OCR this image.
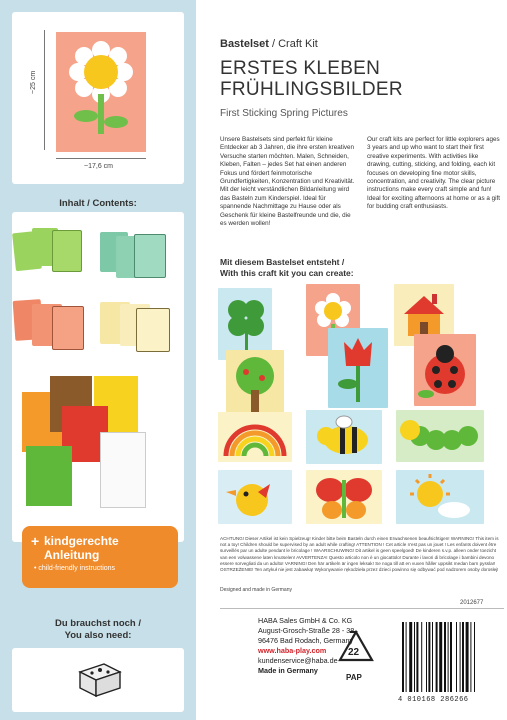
~25 cm
~17,6 cm
Inhalt / Contents:
+ kindgerechte
Anleitung
• child-friendly instructions
Du brauchst noch /
You also need:
Bastelset / Craft Kit
ERSTES KLEBEN
FRÜHLINGSBILDER
First Sticking Spring Pictures
Unsere Bastelsets sind perfekt für kleine Entdecker ab 3 Jahren, die ihre ersten kreativen Versuche starten möchten. Malen, Schneiden, Kleben, Falten – jedes Set hat einen anderen Fokus und fördert feinmotorische Grundfertigkeiten, Konzentration und Kreativität. Mit der leicht verständlichen Bildanleitung wird das Basteln zum Kinderspiel. Ideal für spannende Nachmittage zu Hause oder als Geschenk für kleine Bastelfreunde und die, die es werden wollen!
Our craft kits are perfect for little explorers ages 3 years and up who want to start their first creative experiments. With activities like drawing, cutting, sticking, and folding, each kit focuses on developing fine motor skills, concentration, and creativity. The clear picture instructions make every craft simple and fun! Ideal for exciting afternoons at home or as a gift for budding craft enthusiasts.
Mit diesem Bastelset entsteht /
With this craft kit you can create:
ACHTUNG! Dieser Artikel ist kein Spielzeug! Kinder bitte beim Basteln durch einen Erwachsenen beaufsichtigen! WARNING! This item is not a toy! Children should be supervised by an adult while crafting! ATTENTION ! Cet article n'est pas un jouet ! Les enfants doivent être surveillés par un adulte pendant le bricolage ! WAARSCHUWING! Dit artikel is geen speelgoed! De kinderen s.v.p. alleen onder toezicht van een volwassene laten knutselen! AVVERTENZA! Questo articolo non è un giocattolo! Durante i lavori di bricolage i bambini devono essere sorvegliati da un adulto! VARNING! Den här artikeln är ingen leksak! Se noga till att en vuxen håller uppsikt medan barn pysslar! OSTRZEŻENIE! Ten artykuł nie jest zabawką! Wykonywanie rękodzieła przez dzieci powinno się odbywać pod nadzorem osoby dorosłej!
Designed and made in Germany
2012677
HABA Sales GmbH & Co. KG
August-Grosch-Straße 28 - 38
96476 Bad Rodach, Germany
www.haba-play.com
kundenservice@haba.de
Made in Germany
22
PAP
4 010168 286266
